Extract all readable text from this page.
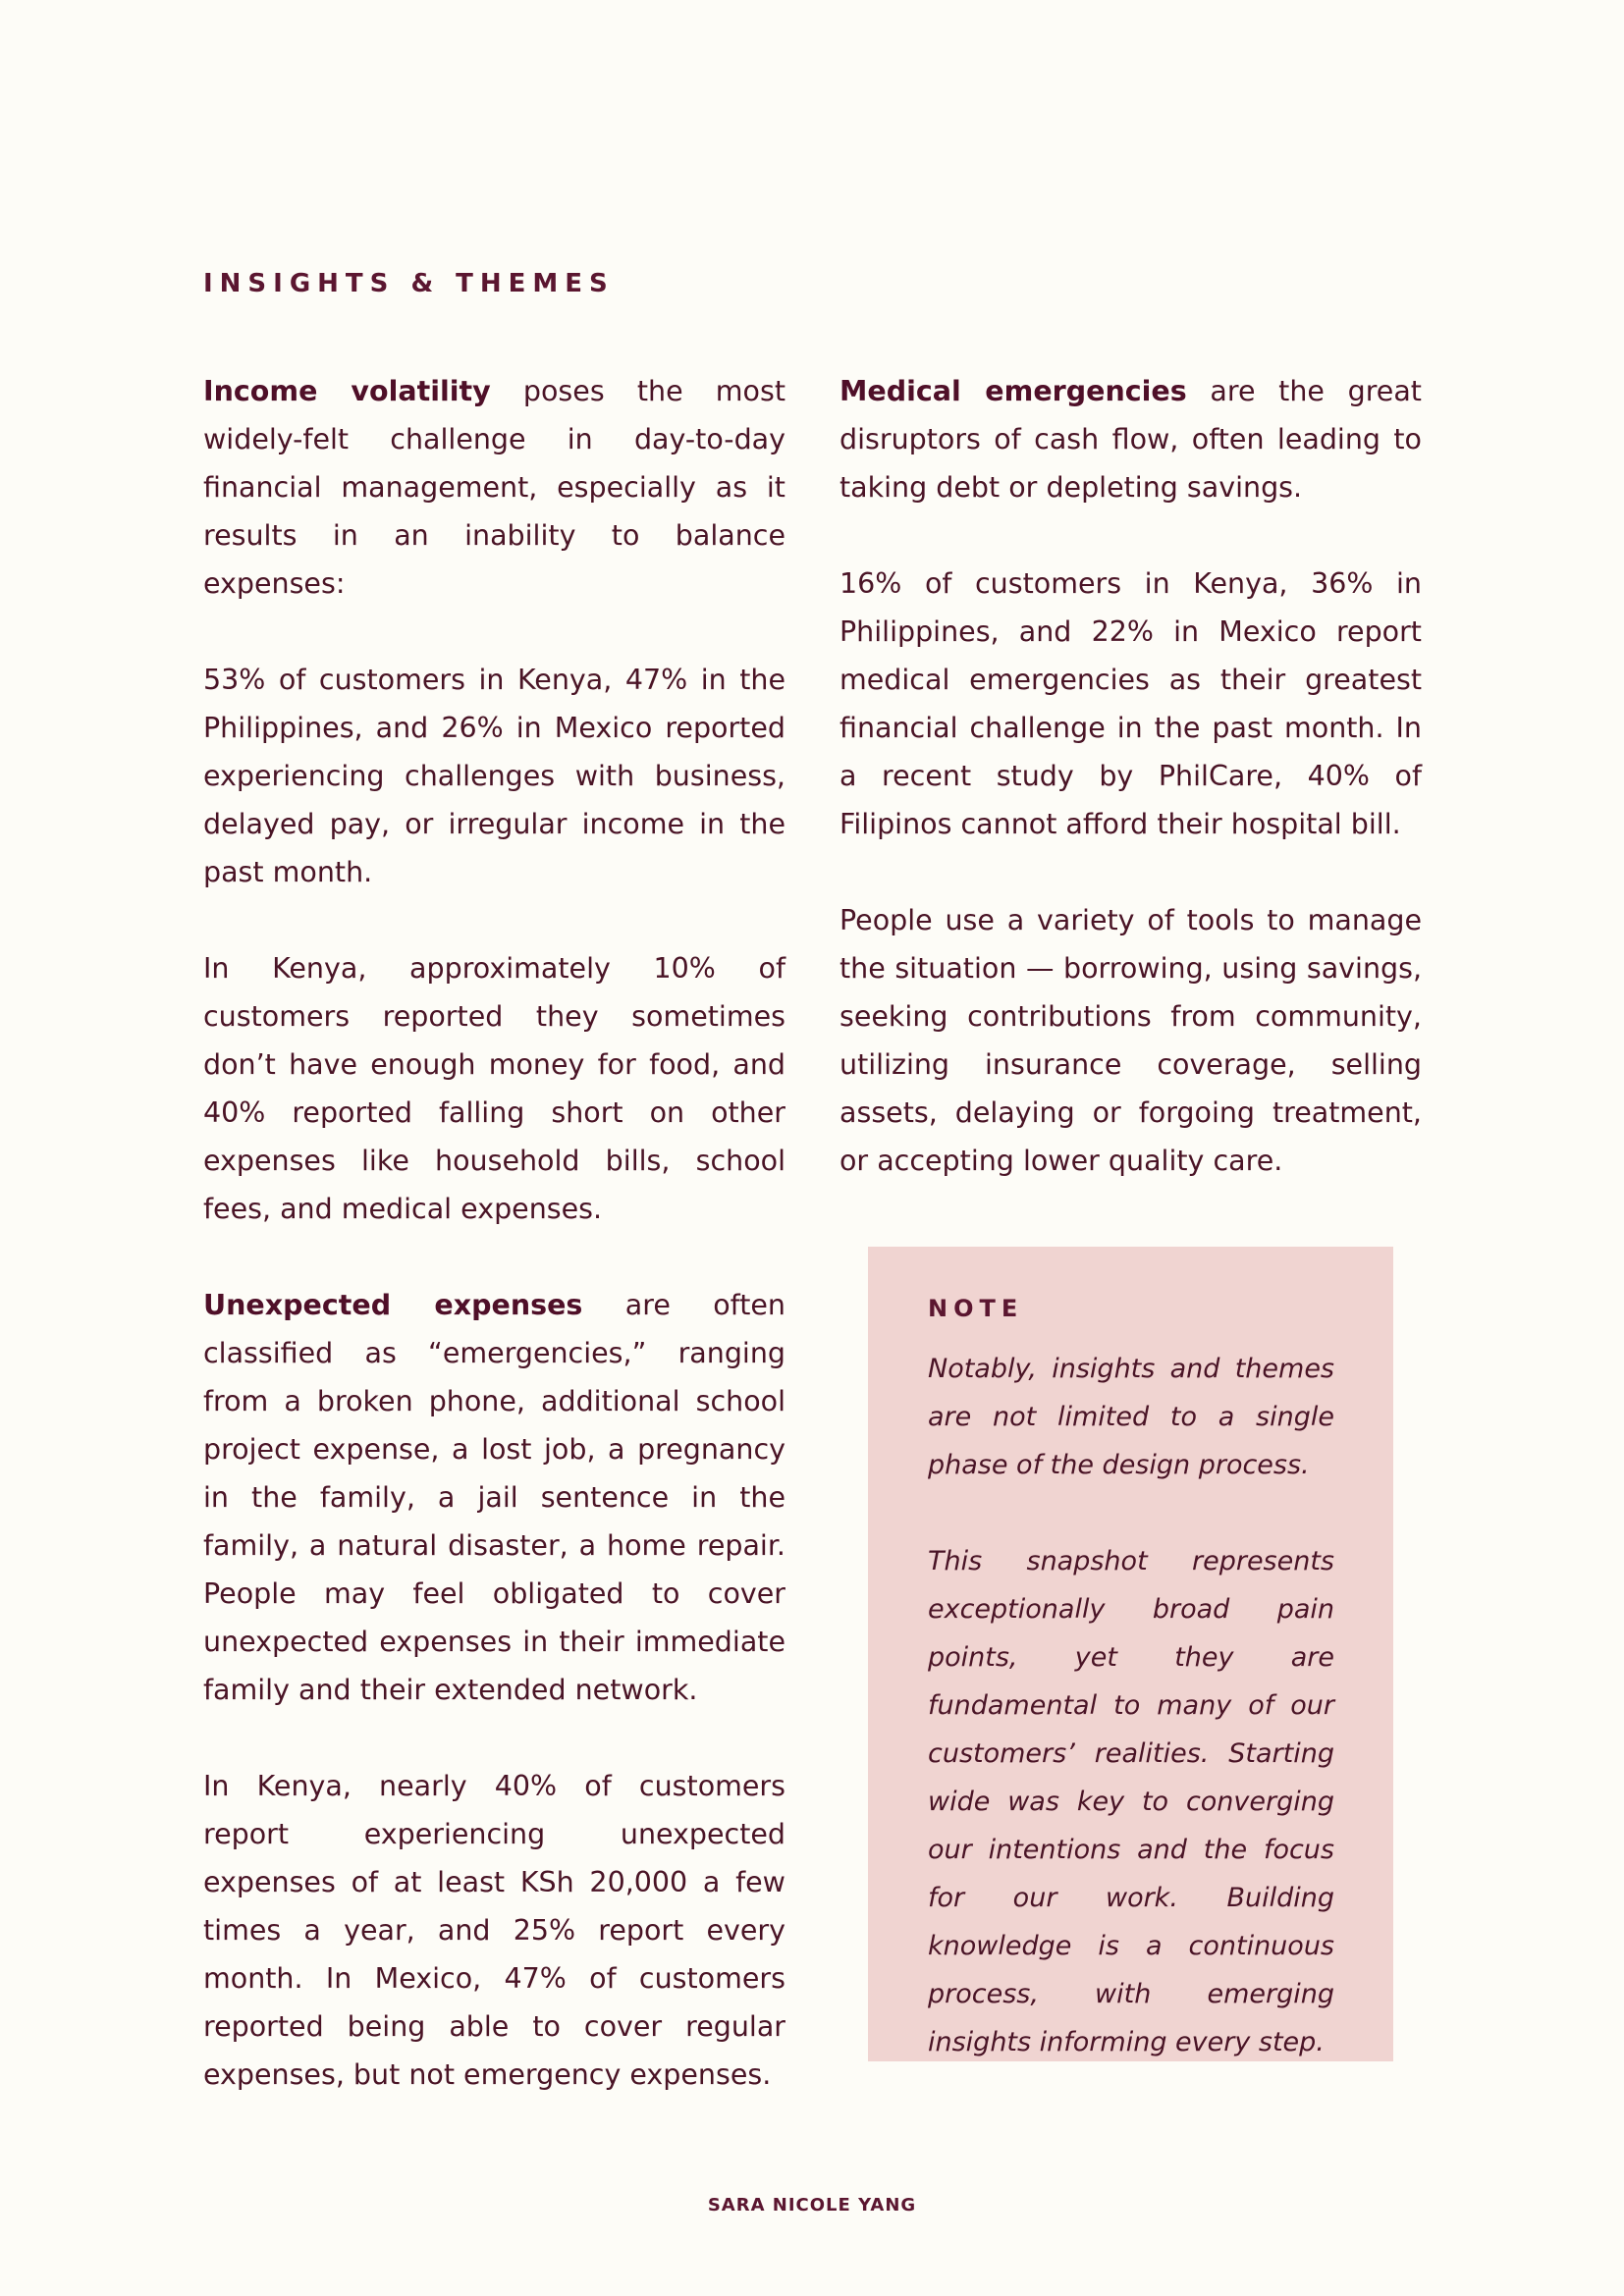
INSIGHTS & THEMES

Income volatility poses the most widely-felt challenge in day-to-day financial management, especially as it results in an inability to balance expenses:

53% of customers in Kenya, 47% in the Philippines, and 26% in Mexico reported experiencing challenges with business, delayed pay, or irregular income in the past month.

In Kenya, approximately 10% of customers reported they sometimes don’t have enough money for food, and 40% reported falling short on other expenses like household bills, school fees, and medical expenses.

Unexpected expenses are often classified as “emergencies,” ranging from a broken phone, additional school project expense, a lost job, a pregnancy in the family, a jail sentence in the family, a natural disaster, a home repair. People may feel obligated to cover unexpected expenses in their immediate family and their extended network.

In Kenya, nearly 40% of customers report experiencing unexpected expenses of at least KSh 20,000 a few times a year, and 25% report every month. In Mexico, 47% of customers reported being able to cover regular expenses, but not emergency expenses.

Medical emergencies are the great disruptors of cash flow, often leading to taking debt or depleting savings.

16% of customers in Kenya, 36% in Philippines, and 22% in Mexico report medical emergencies as their greatest financial challenge in the past month. In a recent study by PhilCare, 40% of Filipinos cannot afford their hospital bill.

People use a variety of tools to manage the situation — borrowing, using savings, seeking contributions from community, utilizing insurance coverage, selling assets, delaying or forgoing treatment, or accepting lower quality care.

NOTE

Notably, insights and themes are not limited to a single phase of the design process.

This snapshot represents exceptionally broad pain points, yet they are fundamental to many of our customers’ realities. Starting wide was key to converging our intentions and the focus for our work. Building knowledge is a continuous process, with emerging insights informing every step.

SARA NICOLE YANG
